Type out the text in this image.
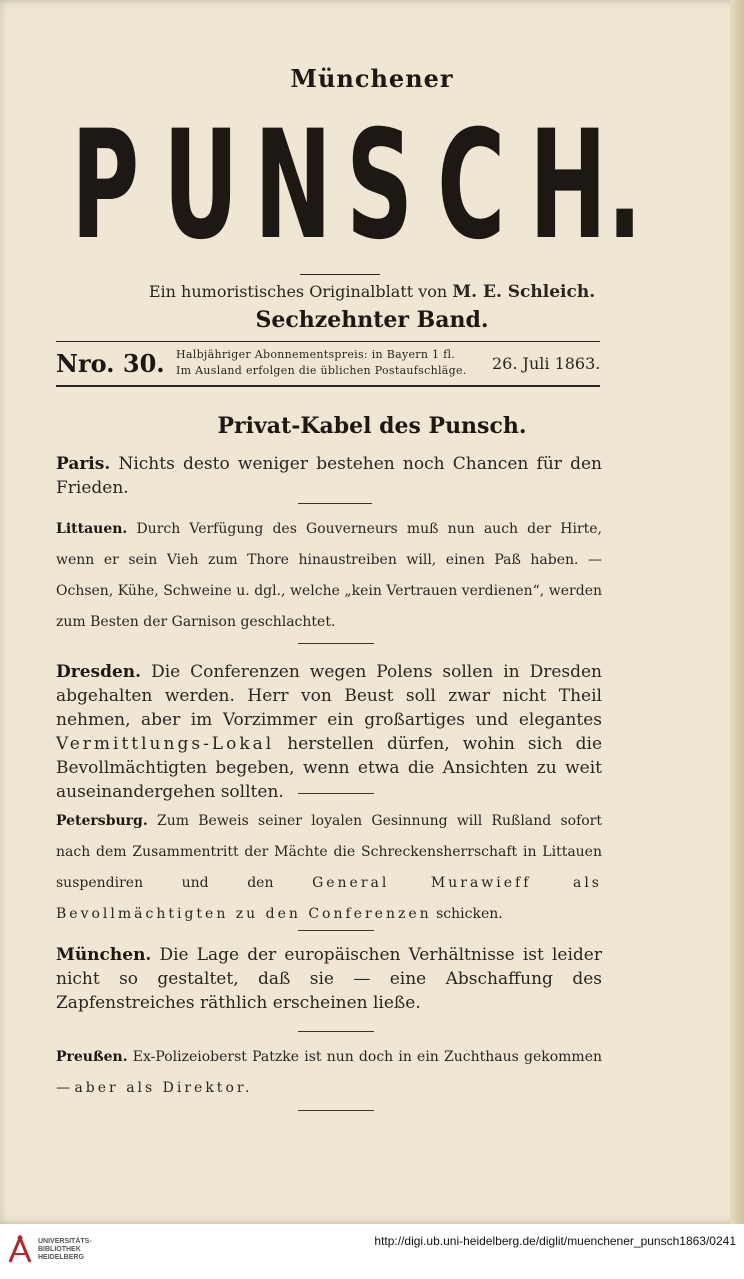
Münchener
P U N S C H.
Ein humoristisches Originalblatt von M. E. Schleich.
Sechzehnter Band.
Nro. 30. Halbjähriger Abonnementspreis: in Bayern 1 fl.
Im Ausland erfolgen die üblichen Postaufschläge. 26. Juli 1863.
Privat-Kabel des Punsch.
Paris. Nichts desto weniger bestehen noch Chancen für den Frieden.
Littauen. Durch Verfügung des Gouverneurs muß nun auch der Hirte, wenn er sein Vieh zum Thore hinaustreiben will, einen Paß haben. — Ochsen, Kühe, Schweine u. dgl., welche „kein Vertrauen verdienen“, werden zum Besten der Garnison geschlachtet.
Dresden. Die Conferenzen wegen Polens sollen in Dresden abgehalten werden. Herr von Beust soll zwar nicht Theil nehmen, aber im Vorzimmer ein großartiges und elegantes Vermittlungs-Lokal herstellen dürfen, wohin sich die Bevollmächtigten begeben, wenn etwa die Ansichten zu weit auseinandergehen sollten.
Petersburg. Zum Beweis seiner loyalen Gesinnung will Rußland sofort nach dem Zusammentritt der Mächte die Schreckensherrschaft in Littauen suspendiren und den	General Murawieff als Bevollmächtigten zu den Conferenzen schicken.
München. Die Lage der europäischen Verhältnisse ist leider nicht so gestaltet, daß sie — eine Abschaffung des Zapfenstreiches räthlich erscheinen ließe.
Preußen. Ex-Polizeioberst Patzke ist nun doch in ein Zuchthaus gekommen — aber als Direktor.
UNIVERSITÄTS-
BIBLIOTHEK
HEIDELBERG
http://digi.ub.uni-heidelberg.de/diglit/muenchener_punsch1863/0241
